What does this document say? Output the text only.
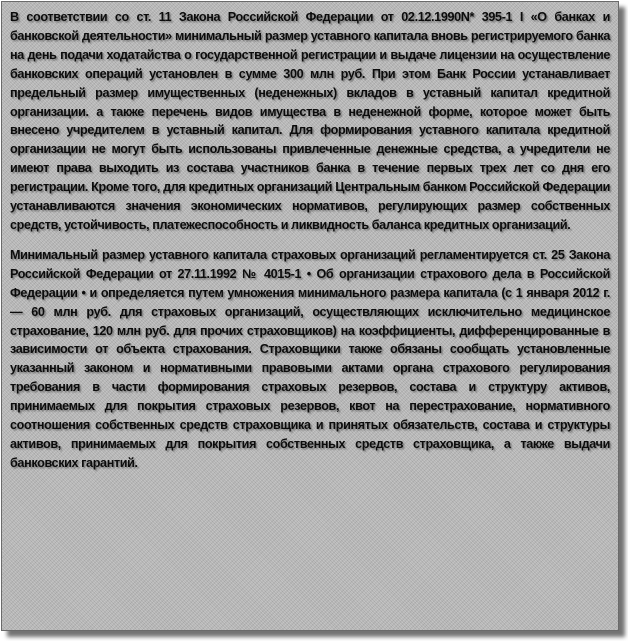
В соответствии со ст. 11 Закона Российской Федерации от 02.12.1990N* 395-1 I «О банках и банковской деятельности» минимальный размер уставного капитала вновь регистрируемого банка на день подачи ходатайства о государственной регистрации и выдаче лицензии на осуществление банковских операций установлен в сумме 300 млн руб. При этом Банк России устанавливает предельный размер имущественных (неденежных) вкладов в уставный капитал кредитной организации. а также перечень видов имущества в неденежной форме, которое может быть внесено учредителем в уставный капитал. Для формирования уставного капитала кредитной организации не могут быть использованы привлеченные денежные средства, а учредители не имеют права выходить из состава участников банка в течение первых трех лет со дня его регистрации. Кроме того, для кредитных организаций Центральным банком Российской Федерации устанавливаются значения экономических нормативов, регулирующих размер собственных средств, устойчивость, платежеспособность и ликвидность баланса кредитных организаций.

Минимальный размер уставного капитала страховых организаций регламентируется ст. 25 Закона Российской Федерации от 27.11.1992 № 4015-1 • Об организации страхового дела в Российской Федерации • и определяется путем умножения минимального размера капитала (с 1 января 2012 г. — 60 млн руб. для страховых организаций, осуществляющих исключительно медицинское страхование, 120 млн руб. для прочих страховщиков) на коэффициенты, дифференцированные в зависимости от объекта страхования. Страховщики также обязаны сообщать установленные указанный законом и нормативными правовыми актами органа страхового регулирования требования в части формирования страховых резервов, состава и структуру активов, принимаемых для покрытия страховых резервов, квот на перестрахование, нормативного соотношения собственных средств страховщика и принятых обязательств, состава и структуры активов, принимаемых для покрытия собственных средств страховщика, а также выдачи банковских гарантий.
